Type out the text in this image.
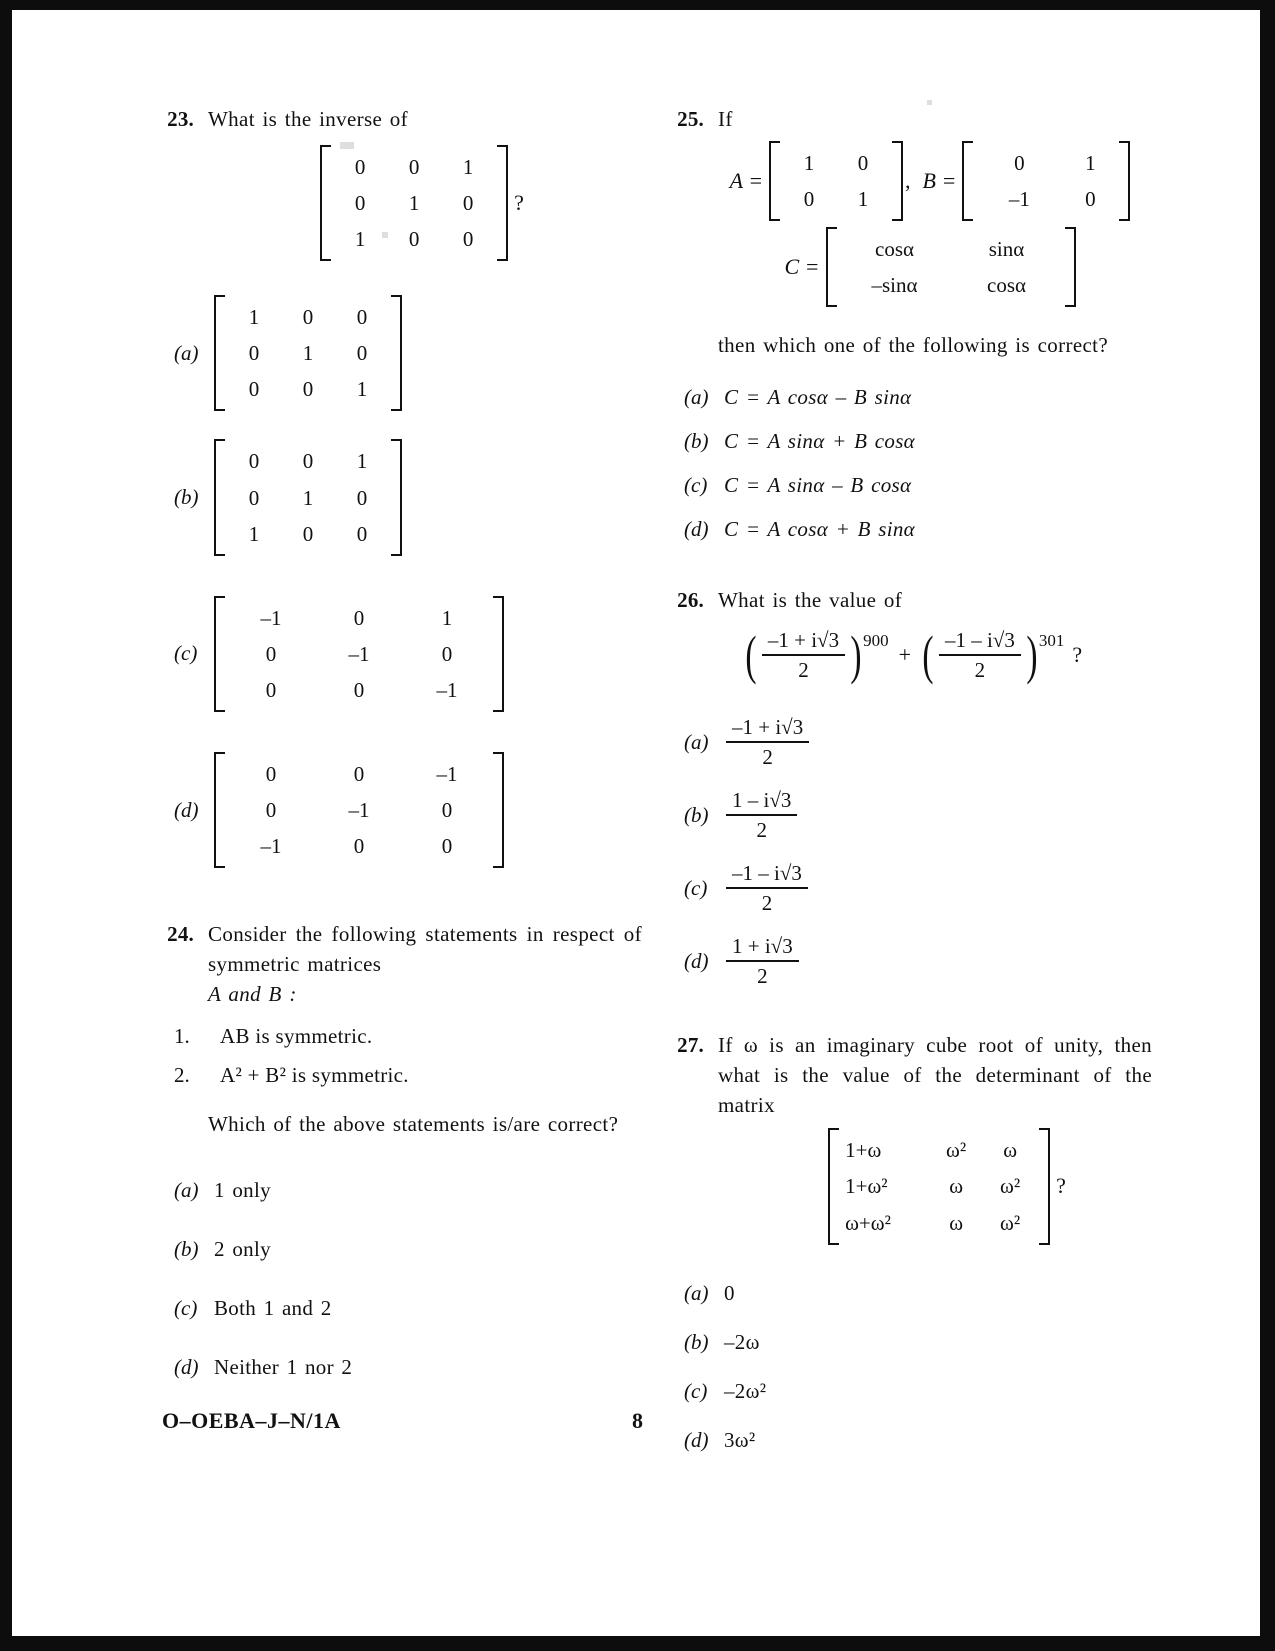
23. What is the inverse of
0	0	1
0	1	0
1	0	0
?
(a)
1	0	0
0	1	0
0	0	1
(b)
0	0	1
0	1	0
1	0	0
(c)
–1	0	1
0	–1	0
0	0	–1
(d)
0	0	–1
0	–1	0
–1	0	0
24. Consider the following statements in respect of symmetric matrices
A and B :
1.	AB is symmetric.
2.	A² + B² is symmetric.
Which of the above statements is/are correct?
(a) 1 only
(b) 2 only
(c) Both 1 and 2
(d) Neither 1 nor 2
25. If
A =
1	0
0	1
, B =
0	1
–1	0
C =
cosα	sinα
–sinα	cosα
then which one of the following is correct?
(a) C = A cosα – B sinα
(b) C = A sinα + B cosα
(c) C = A sinα – B cosα
(d) C = A cosα + B sinα
26. What is the value of
( $\frac{-1 + i√3}{2}$ ) 900
+ ( $\frac{-1 - i√3}{2}$ ) 301
?
$(a) \frac{-1 + i√3}{2}$
$(b) \frac{1 - i√3}{2}$
$(c) \frac{-1 - i√3}{2}$
$(d) \frac{1 + i√3}{2}$
27. If ω is an imaginary cube root of unity, then what is the value of the determinant of the matrix
1+ω	ω²	ω
1+ω²	ω	ω²
ω+ω²	ω	ω²
?
(a) 0
(b) –2ω
(c) –2ω²
(d) 3ω²
O–OEBA–J–N/1A	8
